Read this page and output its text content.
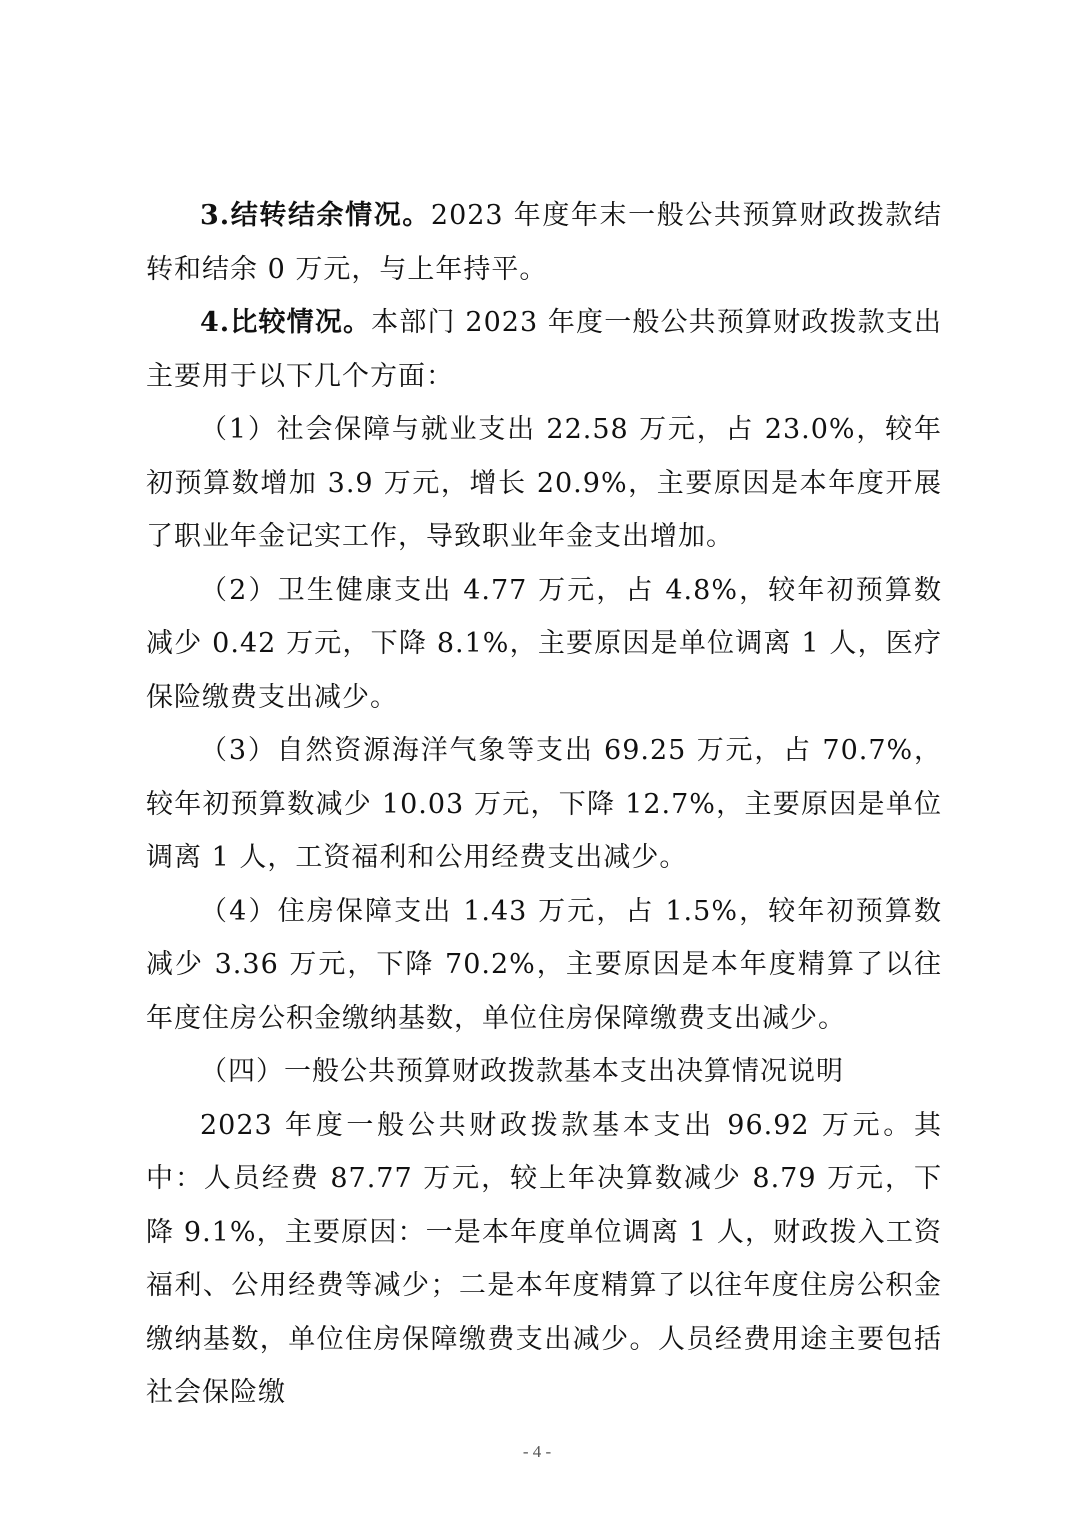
3.结转结余情况。2023 年度年末一般公共预算财政拨款结转和结余 0 万元，与上年持平。

4.比较情况。本部门 2023 年度一般公共预算财政拨款支出主要用于以下几个方面：

（1）社会保障与就业支出 22.58 万元，占 23.0%，较年初预算数增加 3.9 万元，增长 20.9%，主要原因是本年度开展了职业年金记实工作，导致职业年金支出增加。

（2）卫生健康支出 4.77 万元，占 4.8%，较年初预算数减少 0.42 万元，下降 8.1%，主要原因是单位调离 1 人，医疗保险缴费支出减少。

（3）自然资源海洋气象等支出 69.25 万元，占 70.7%，较年初预算数减少 10.03 万元，下降 12.7%，主要原因是单位调离 1 人，工资福利和公用经费支出减少。

（4）住房保障支出 1.43 万元，占 1.5%，较年初预算数减少 3.36 万元，下降 70.2%，主要原因是本年度精算了以往年度住房公积金缴纳基数，单位住房保障缴费支出减少。

（四）一般公共预算财政拨款基本支出决算情况说明

2023 年度一般公共财政拨款基本支出 96.92 万元。其中：人员经费 87.77 万元，较上年决算数减少 8.79 万元，下降 9.1%，主要原因：一是本年度单位调离 1 人，财政拨入工资福利、公用经费等减少；二是本年度精算了以往年度住房公积金缴纳基数，单位住房保障缴费支出减少。人员经费用途主要包括社会保险缴

- 4 -
